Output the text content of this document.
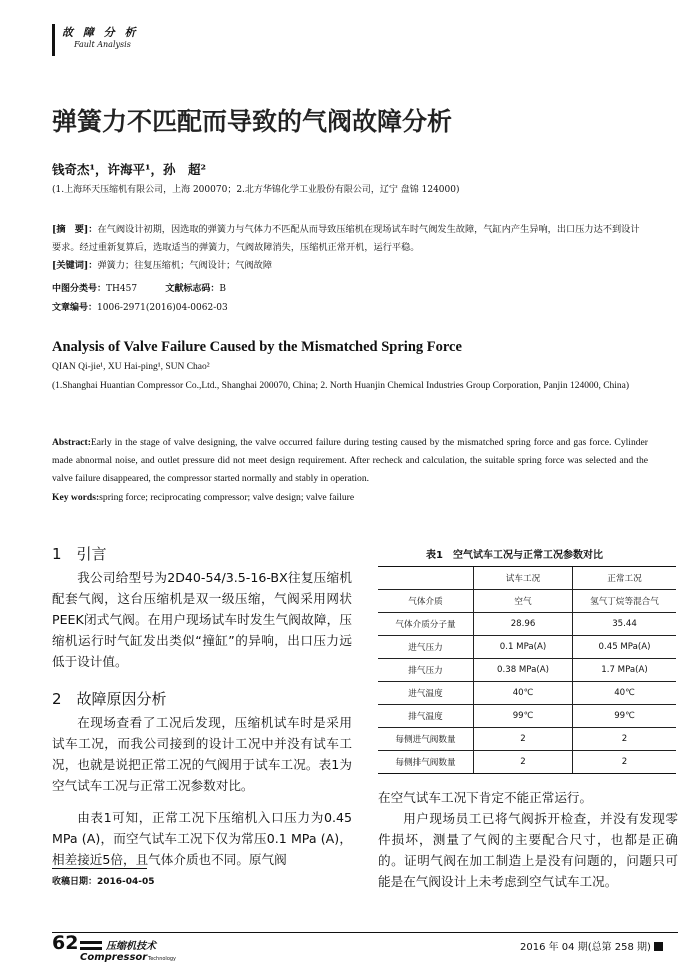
故 障 分 析
Fault Analysis
弹簧力不匹配而导致的气阀故障分析
钱奇杰¹，许海平¹，孙　超²
(1.上海环天压缩机有限公司，上海 200070；2.北方华锦化学工业股份有限公司，辽宁 盘锦 124000)
[摘　要]：在气阀设计初期，因选取的弹簧力与气体力不匹配从而导致压缩机在现场试车时气阀发生故障，气缸内产生异响，出口压力达不到设计要求。经过重新复算后，选取适当的弹簧力，气阀故障消失，压缩机正常开机，运行平稳。
[关键词]：弹簧力；往复压缩机；气阀设计；气阀故障
中图分类号：TH457	文献标志码：B
文章编号：1006-2971(2016)04-0062-03
Analysis of Valve Failure Caused by the Mismatched Spring Force
QIAN Qi-jie¹, XU Hai-ping¹, SUN Chao²
(1.Shanghai Huantian Compressor Co.,Ltd., Shanghai 200070, China; 2. North Huanjin Chemical Industries Group Corporation, Panjin 124000, China)
Abstract:Early in the stage of valve designing, the valve occurred failure during testing caused by the mismatched spring force and gas force. Cylinder made abnormal noise, and outlet pressure did not meet design requirement. After recheck and calculation, the suitable spring force was selected and the valve failure disappeared, the compressor started normally and stably in operation.
Key words:spring force; reciprocating compressor; valve design; valve failure
1　引言
我公司给型号为2D40-54/3.5-16-BX往复压缩机配套气阀，这台压缩机是双一级压缩，气阀采用网状PEEK闭式气阀。在用户现场试车时发生气阀故障，压缩机运行时气缸发出类似“撞缸”的异响，出口压力远低于设计值。
2　故障原因分析
在现场查看了工况后发现，压缩机试车时是采用试车工况，而我公司接到的设计工况中并没有试车工况，也就是说把正常工况的气阀用于试车工况。表1为空气试车工况与正常工况参数对比。
由表1可知，正常工况下压缩机入口压力为0.45 MPa (A)，而空气试车工况下仅为常压0.1 MPa (A)，相差接近5倍，且气体介质也不同。原气阀
表1　空气试车工况与正常工况参数对比
	试车工况	正常工况
气体介质	空气	氢气丁烷等混合气
气体介质分子量	28.96	35.44
进气压力	0.1 MPa(A)	0.45 MPa(A)
排气压力	0.38 MPa(A)	1.7 MPa(A)
进气温度	40℃	40℃
排气温度	99℃	99℃
每侧进气阀数量	2	2
每侧排气阀数量	2	2
在空气试车工况下肯定不能正常运行。
用户现场员工已将气阀拆开检查，并没有发现零件损坏，测量了气阀的主要配合尺寸，也都是正确的。证明气阀在加工制造上是没有问题的，问题只可能是在气阀设计上未考虑到空气试车工况。
收稿日期：2016-04-05
62	压缩机技术
Compressor Technology
2016 年 04 期(总第 258 期)
